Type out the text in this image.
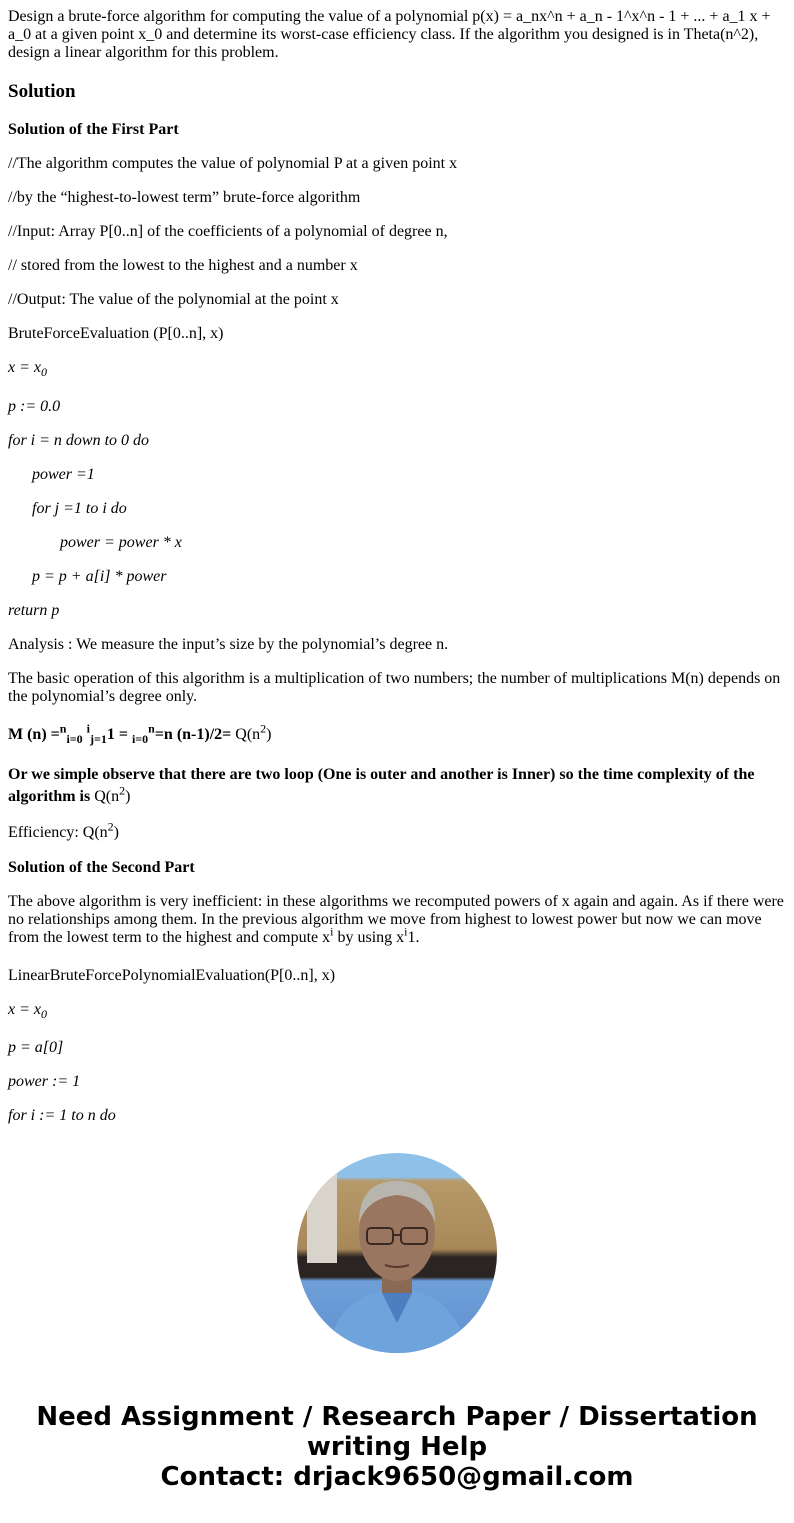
Design a brute-force algorithm for computing the value of a polynomial p(x) = a_nx^n + a_n - 1^x^n - 1 + ... + a_1 x + a_0 at a given point x_0 and determine its worst-case efficiency class. If the algorithm you designed is in Theta(n^2), design a linear algorithm for this problem.

Solution

Solution of the First Part

//The algorithm computes the value of polynomial P at a given point x

//by the “highest-to-lowest term” brute-force algorithm

//Input: Array P[0..n] of the coefficients of a polynomial of degree n,

// stored from the lowest to the highest and a number x

//Output: The value of the polynomial at the point x

BruteForceEvaluation (P[0..n], x)

$x = x_0$

p := 0.0

for i = n down to 0 do

power =1

for j =1 to i do

power = power * x

p = p + a[i] * power

return p

Analysis : We measure the input’s size by the polynomial’s degree n.

The basic operation of this algorithm is a multiplication of two numbers; the number of multiplications M(n) depends on the polynomial’s degree only.

M (n) =$^n_{i=0}$ $^i_{j=1}$1 = $_{i=0}^n$=n $(n-1)/2= Q(n^2)$

Or we simple observe that there are two loop (One is outer and another is Inner) so the time complexity of the algorithm is $Q(n^2)$

Efficiency: $Q(n^2)$

Solution of the Second Part

The above algorithm is very inefficient: in these algorithms we recomputed powers of x again and again. As if there were no relationships among them. In the previous algorithm we move from highest to lowest power but now we can move from the lowest term to the highest and compute $x^i$ by using $x^i1$.

LinearBruteForcePolynomialEvaluation(P[0..n], x)

$x = x_0$

p = a[0]

power := 1

for i := 1 to n do

Need Assignment / Research Paper / Dissertation
writing Help
Contact: drjack9650@gmail.com
